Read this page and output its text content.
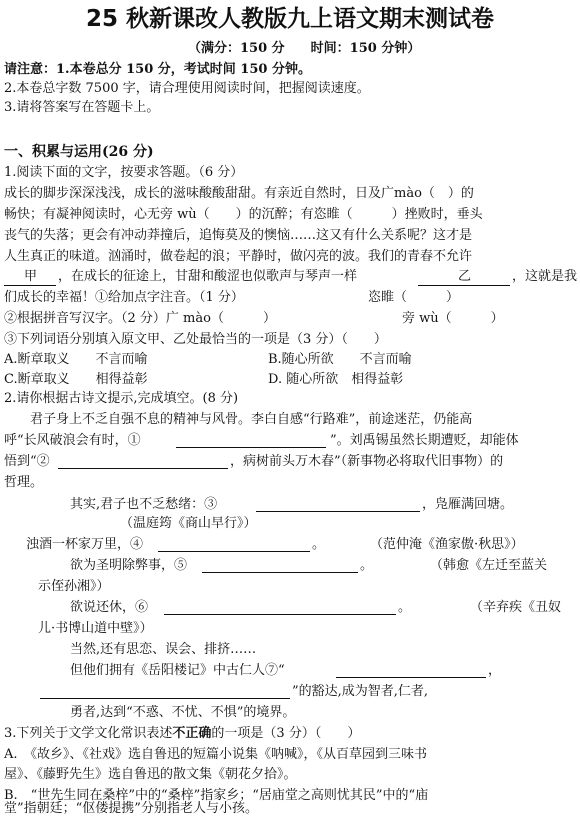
25 秋新课改人教版九上语文期末测试卷
（满分：150 分　　时间：150 分钟）
请注意：1.本卷总分 150 分，考试时间 150 分钟。
2.本卷总字数 7500 字，请合理使用阅读时间，把握阅读速度。
3.请将答案写在答题卡上。
一、积累与运用(26 分)
1.阅读下面的文字，按要求答题。（6 分）
成长的脚步深深浅浅，成长的滋味酸酸甜甜。有亲近自然时，日及广màо（　）的
畅快；有凝神阅读时，心无旁 wù（　　）的沉醉；有恣睢（　　　）挫败时，垂头
丧气的失落；更会有冲动莽撞后，追悔莫及的懊恼……这又有什么关系呢？这才是
人生真正的味道。汹涌时，做卷起的浪；平静时，做闪亮的波。我们的青春不允许
甲 ，在成长的征途上，甘甜和酸涩也似歌声与琴声一样	乙	，这就是我
们成长的幸福！①给加点字注音。（1 分）	恣睢（　　　）
②根据拼音写汉字。（2 分）广 màо（　　　）	旁 wù（　　　）
③下列词语分别填入原文甲、乙处最恰当的一项是（3 分）（　　）
A.断章取义　　不言而喻	B.随心所欲　　不言而喻
C.断章取义　　相得益彰	D. 随心所欲　相得益彰
2.请你根据古诗文提示,完成填空。(8 分)
君子身上不乏自强不息的精神与风骨。李白自感“行路难”，前途迷茫，仍能高
呼“长风破浪会有时，①	”。刘禹锡虽然长期遭贬，却能体
悟到“②	，病树前头万木春”（新事物必将取代旧事物）的
哲理。
其实,君子也不乏愁绪：③	，凫雁满回塘。
（温庭筠《商山早行》）
浊酒一杯家万里，④	。	（范仲淹《渔家傲·秋思》）
欲为圣明除弊事，⑤	。	（韩愈《左迁至蓝关
示侄孙湘》）
欲说还休，⑥	。	（辛弃疾《丑奴
儿·书博山道中壁》）
当然,还有思恋、误会、排挤……
但他们拥有《岳阳楼记》中古仁人⑦“	，
”的豁达,成为智者,仁者,
勇者,达到“不惑、不忧、不惧”的境界。
3.下列关于文学文化常识表述不正确的一项是（3 分）（　　）
A.　《故乡》、《社戏》选自鲁迅的短篇小说集《呐喊》，《从百草园到三味书
屋》、《藤野先生》选自鲁迅的散文集《朝花夕拾》。
B.　“世先生同在桑梓”中的“桑梓”指家乡；“居庙堂之高则忧其民”中的“庙
堂”指朝廷；“伛偻提携”分别指老人与小孩。
